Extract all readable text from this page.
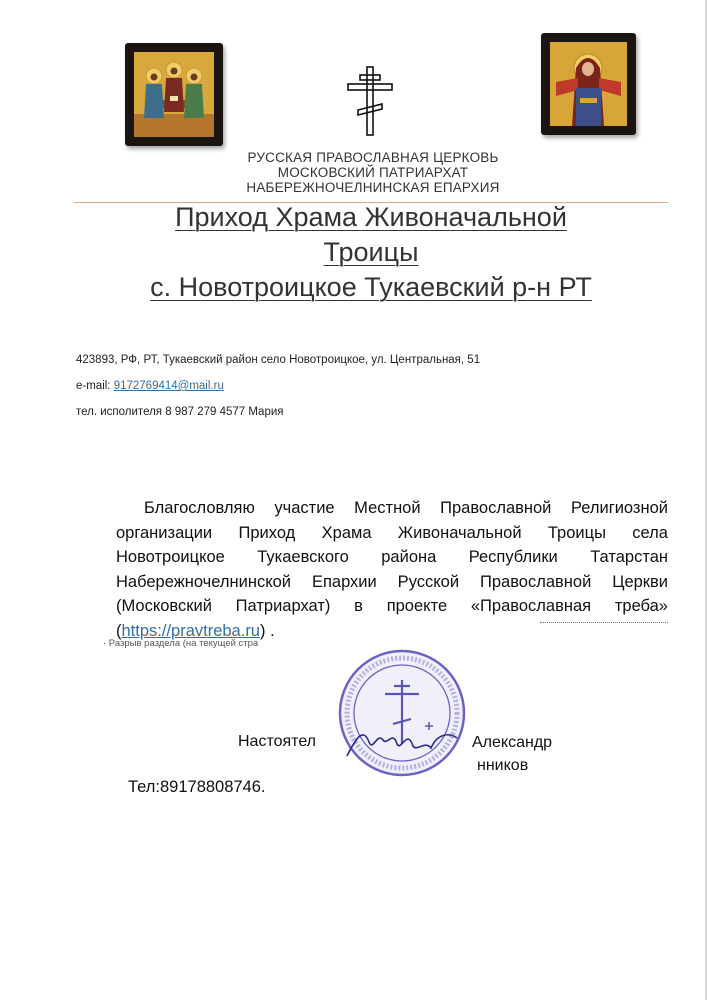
РУССКАЯ ПРАВОСЛАВНАЯ ЦЕРКОВЬ
МОСКОВСКИЙ ПАТРИАРХАТ
НАБЕРЕЖНОЧЕЛНИНСКАЯ ЕПАРХИЯ
Приход Храма Живоначальной
Троицы
с. Новотроицкое Тукаевский р-н РТ
423893, РФ, РТ, Тукаевский район село Новотроицкое, ул. Центральная, 51
e-mail: 9172769414@mail.ru
тел. исполителя 8 987 279 4577 Мария
Благословляю участие Местной Православной Религиозной организации Приход Храма Живоначальной Троицы села Новотроицкое Тукаевского района Республики Татарстан Набережночелнинской Епархии Русской Православной Церкви (Московский Патриархат) в проекте «Православная треба» (https://pravtreba.ru) .
· Разрыв раздела (на текущей стра
Настоятел	Александр
нников
Тел:89178808746.
